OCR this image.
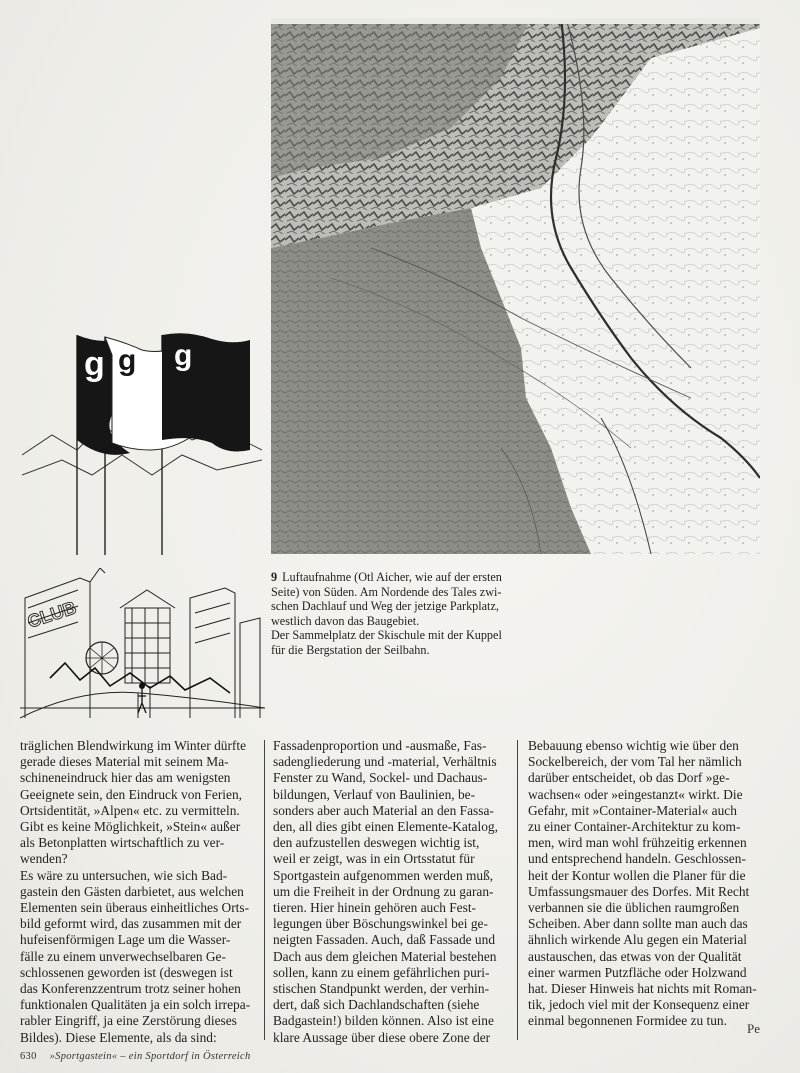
g g g
CLUB

9 Luftaufnahme (Otl Aicher, wie auf der ersten

Seite) von Süden. Am Nordende des Tales zwi-

schen Dachlauf und Weg der jetzige Parkplatz,

westlich davon das Baugebiet.

Der Sammelplatz der Skischule mit der Kuppel

für die Bergstation der Seilbahn.

träglichen Blendwirkung im Winter dürfte

gerade dieses Material mit seinem Ma-

schineneindruck hier das am wenigsten

Geeignete sein, den Eindruck von Ferien,

Ortsidentität, »Alpen« etc. zu vermitteln.

Gibt es keine Möglichkeit, »Stein« außer

als Betonplatten wirtschaftlich zu ver-

wenden?

Es wäre zu untersuchen, wie sich Bad-

gastein den Gästen darbietet, aus welchen

Elementen sein überaus einheitliches Orts-

bild geformt wird, das zusammen mit der

hufeisenförmigen Lage um die Wasser-

fälle zu einem unverwechselbaren Ge-

schlossenen geworden ist (deswegen ist

das Konferenzzentrum trotz seiner hohen

funktionalen Qualitäten ja ein solch irrepa-

rabler Eingriff, ja eine Zerstörung dieses

Bildes). Diese Elemente, als da sind:

Fassadenproportion und -ausmaße, Fas-

sadengliederung und -material, Verhältnis

Fenster zu Wand, Sockel- und Dachaus-

bildungen, Verlauf von Baulinien, be-

sonders aber auch Material an den Fassa-

den, all dies gibt einen Elemente-Katalog,

den aufzustellen deswegen wichtig ist,

weil er zeigt, was in ein Ortsstatut für

Sportgastein aufgenommen werden muß,

um die Freiheit in der Ordnung zu garan-

tieren. Hier hinein gehören auch Fest-

legungen über Böschungswinkel bei ge-

neigten Fassaden. Auch, daß Fassade und

Dach aus dem gleichen Material bestehen

sollen, kann zu einem gefährlichen puri-

stischen Standpunkt werden, der verhin-

dert, daß sich Dachlandschaften (siehe

Badgastein!) bilden können. Also ist eine

klare Aussage über diese obere Zone der

Bebauung ebenso wichtig wie über den

Sockelbereich, der vom Tal her nämlich

darüber entscheidet, ob das Dorf »ge-

wachsen« oder »eingestanzt« wirkt. Die

Gefahr, mit »Container-Material« auch

zu einer Container-Architektur zu kom-

men, wird man wohl frühzeitig erkennen

und entsprechend handeln. Geschlossen-

heit der Kontur wollen die Planer für die

Umfassungsmauer des Dorfes. Mit Recht

verbannen sie die üblichen raumgroßen

Scheiben. Aber dann sollte man auch das

ähnlich wirkende Alu gegen ein Material

austauschen, das etwas von der Qualität

einer warmen Putzfläche oder Holzwand

hat. Dieser Hinweis hat nichts mit Roman-

tik, jedoch viel mit der Konsequenz einer

einmal begonnenen Formidee zu tun.

Pe
630 »Sportgastein« – ein Sportdorf in Österreich
